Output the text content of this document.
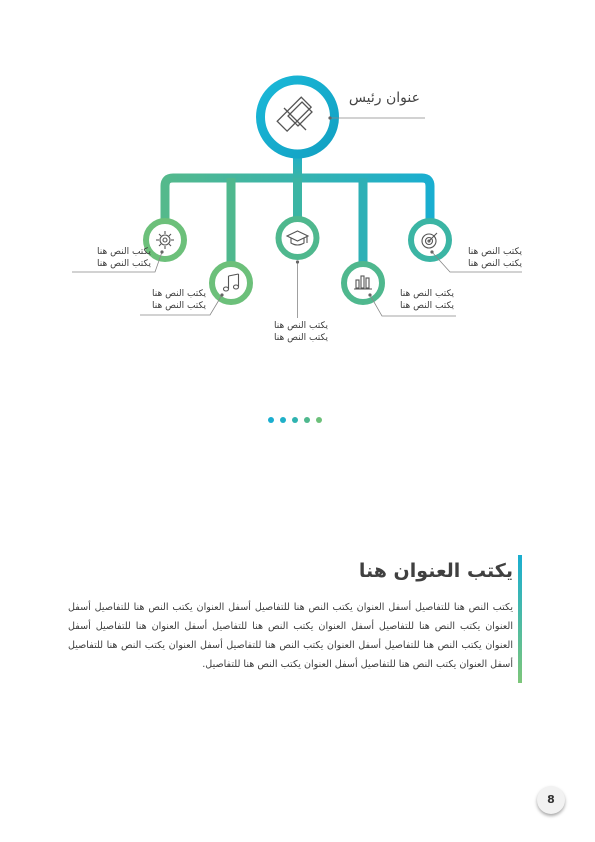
عنوان رئيس
يكتب النص هنا
يكتب النص هنا
يكتب النص هنا
يكتب النص هنا
يكتب النص هنا
يكتب النص هنا
يكتب النص هنا
يكتب النص هنا
يكتب النص هنا
يكتب النص هنا
يكتب العنوان هنا
يكتب النص هنا للتفاصيل أسفل العنوان يكتب النص هنا للتفاصيل أسفل العنوان يكتب النص هنا للتفاصيل أسفل العنوان يكتب النص هنا للتفاصيل أسفل العنوان يكتب النص هنا للتفاصيل أسفل العنوان هنا للتفاصيل أسفل العنوان يكتب النص هنا للتفاصيل أسفل العنوان يكتب النص هنا للتفاصيل أسفل العنوان يكتب النص هنا للتفاصيل أسفل العنوان يكتب النص هنا للتفاصيل أسفل العنوان يكتب النص هنا للتفاصيل.
8
